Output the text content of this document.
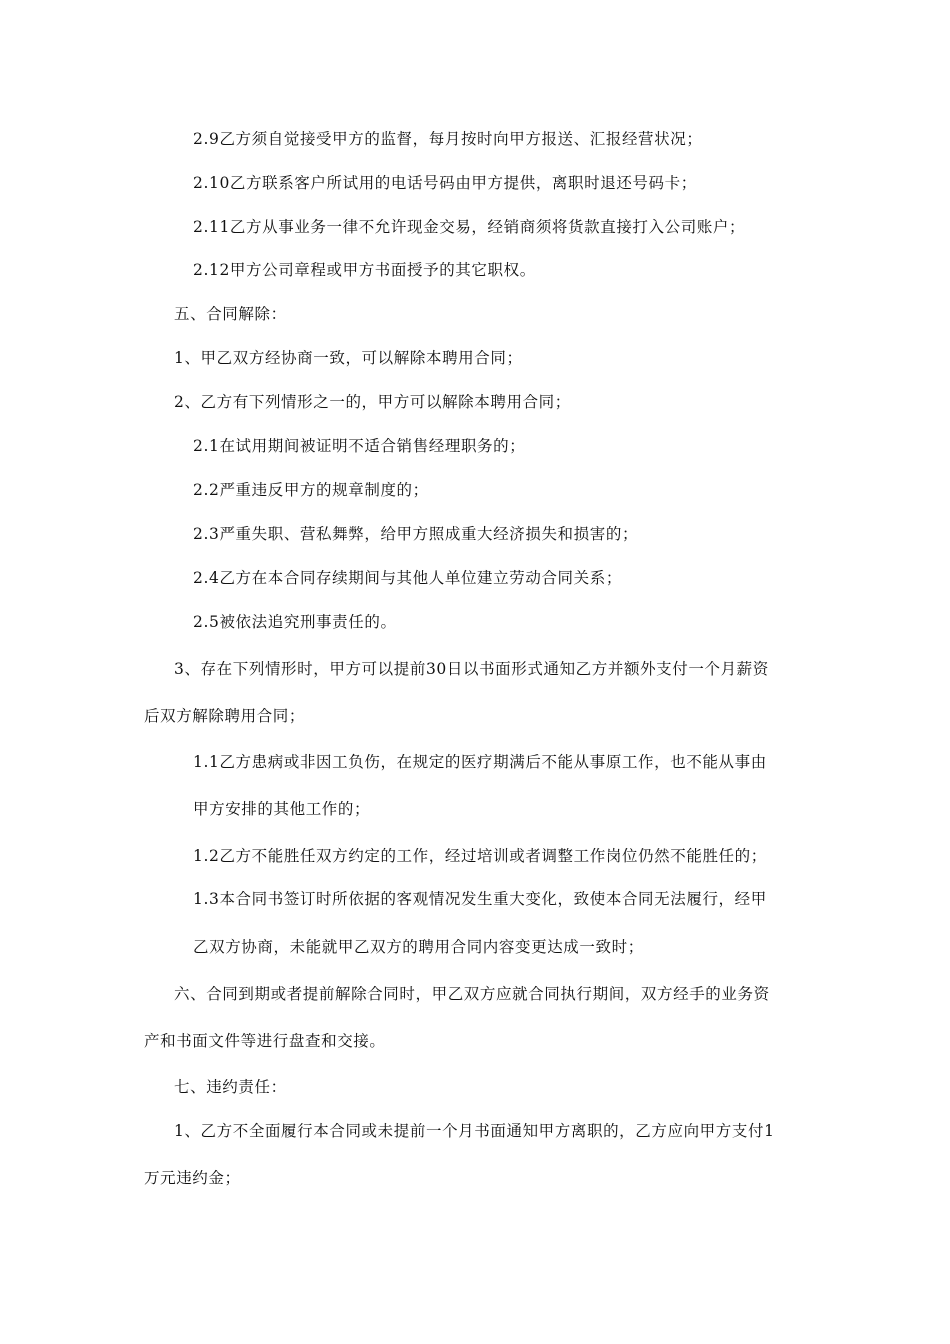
2.9乙方须自觉接受甲方的监督，每月按时向甲方报送、汇报经营状况；
2.10乙方联系客户所试用的电话号码由甲方提供，离职时退还号码卡；
2.11乙方从事业务一律不允许现金交易，经销商须将货款直接打入公司账户；
2.12甲方公司章程或甲方书面授予的其它职权。
五、合同解除：
1、甲乙双方经协商一致，可以解除本聘用合同；
2、乙方有下列情形之一的，甲方可以解除本聘用合同；
2.1在试用期间被证明不适合销售经理职务的；
2.2严重违反甲方的规章制度的；
2.3严重失职、营私舞弊，给甲方照成重大经济损失和损害的；
2.4乙方在本合同存续期间与其他人单位建立劳动合同关系；
2.5被依法追究刑事责任的。
3、存在下列情形时，甲方可以提前30日以书面形式通知乙方并额外支付一个月薪资
后双方解除聘用合同；
1.1乙方患病或非因工负伤，在规定的医疗期满后不能从事原工作，也不能从事由
甲方安排的其他工作的；
1.2乙方不能胜任双方约定的工作，经过培训或者调整工作岗位仍然不能胜任的；
1.3本合同书签订时所依据的客观情况发生重大变化，致使本合同无法履行，经甲
乙双方协商，未能就甲乙双方的聘用合同内容变更达成一致时；
六、合同到期或者提前解除合同时，甲乙双方应就合同执行期间，双方经手的业务资
产和书面文件等进行盘查和交接。
七、违约责任：
1、乙方不全面履行本合同或未提前一个月书面通知甲方离职的，乙方应向甲方支付1
万元违约金；
